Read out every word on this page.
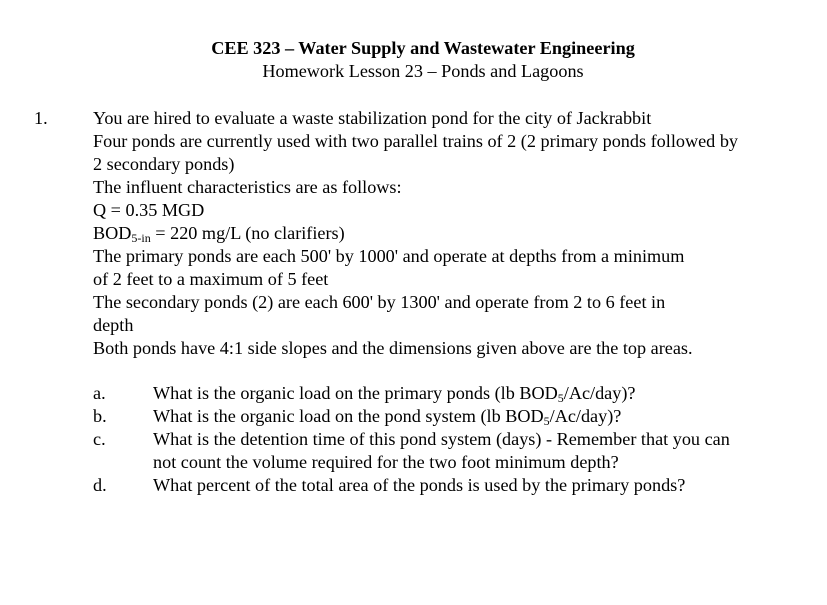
CEE 323 – Water Supply and Wastewater Engineering
Homework Lesson 23 – Ponds and Lagoons
1. You are hired to evaluate a waste stabilization pond for the city of Jackrabbit
Four ponds are currently used with two parallel trains of 2 (2 primary ponds followed by
2 secondary ponds)
The influent characteristics are as follows:
Q = 0.35 MGD
$BOD_{5-in} = 220$ mg/L (no clarifiers)
The primary ponds are each 500' by 1000' and operate at depths from a minimum
of 2 feet to a maximum of 5 feet
The secondary ponds (2) are each 600' by 1300' and operate from 2 to 6 feet in
depth
Both ponds have 4:1 side slopes and the dimensions given above are the top areas.
a.	What is the organic load on the primary ponds (lb $BOD_5/Ac/day$)?
b.	What is the organic load on the pond system (lb $BOD_5/Ac/day$)?
c.	What is the detention time of this pond system (days) - Remember that you can
not count the volume required for the two foot minimum depth?
d.	What percent of the total area of the ponds is used by the primary ponds?
